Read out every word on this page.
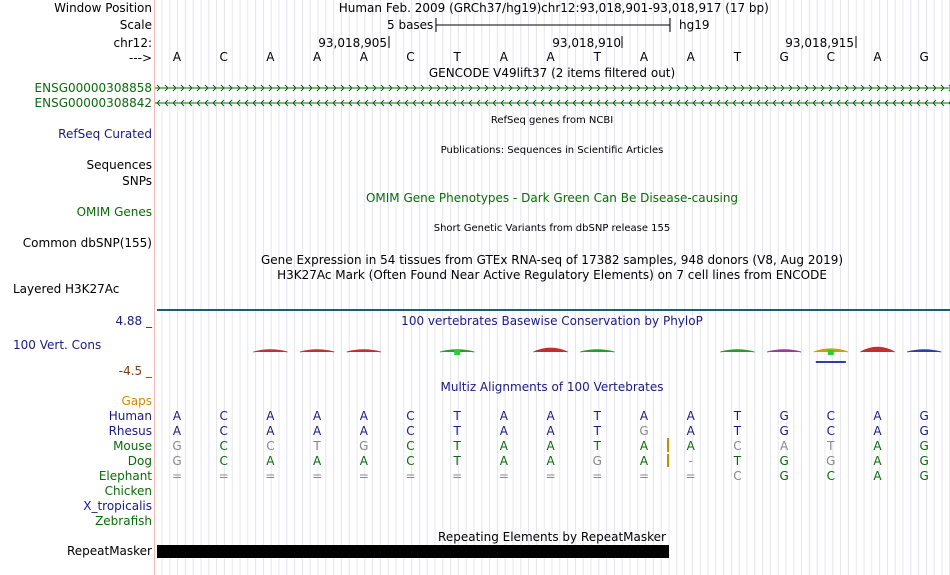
Window Position	Human Feb. 2009 (GRCh37/hg19) chr12:93,018,901-93,018,917 (17 bp)
Scale	5 bases	hg19
chr12:	93,018,905	93,018,910	93,018,915
--->	A	C	A	A	A	C	T	A	A	T	A	A	T	G	C	A	G
GENCODE V49lift37 (2 items filtered out)
ENSG00000308858
ENSG00000308842
RefSeq genes from NCBI
RefSeq Curated
Publications: Sequences in Scientific Articles
Sequences
SNPs
OMIM Gene Phenotypes - Dark Green Can Be Disease-causing
OMIM Genes
Short Genetic Variants from dbSNP release 155
Common dbSNP(155)
Gene Expression in 54 tissues from GTEx RNA-seq of 17382 samples, 948 donors (V8, Aug 2019)
H3K27Ac Mark (Often Found Near Active Regulatory Elements) on 7 cell lines from ENCODE
Layered H3K27Ac
100 vertebrates Basewise Conservation by PhyloP
4.88 _
100 Vert. Cons
-4.5 _
Multiz Alignments of 100 Vertebrates
Gaps
Human	A	C	A	A	A	C	T	A	A	T	A	A	T	G	C	A	G
Rhesus	A	C	A	A	A	C	T	A	A	T	G	A	T	G	C	A	G
Mouse	G	C	C	T	G	C	T	A	A	T	A	A	C	A	T	A	G
Dog	G	C	A	A	A	C	T	A	A	G	A	-	T	G	G	A	G
Elephant	=	=	=	=	=	=	=	=	=	=	=	=	C	G	C	A	G
Chicken
X_tropicalis
Zebrafish
Repeating Elements by RepeatMasker
RepeatMasker
